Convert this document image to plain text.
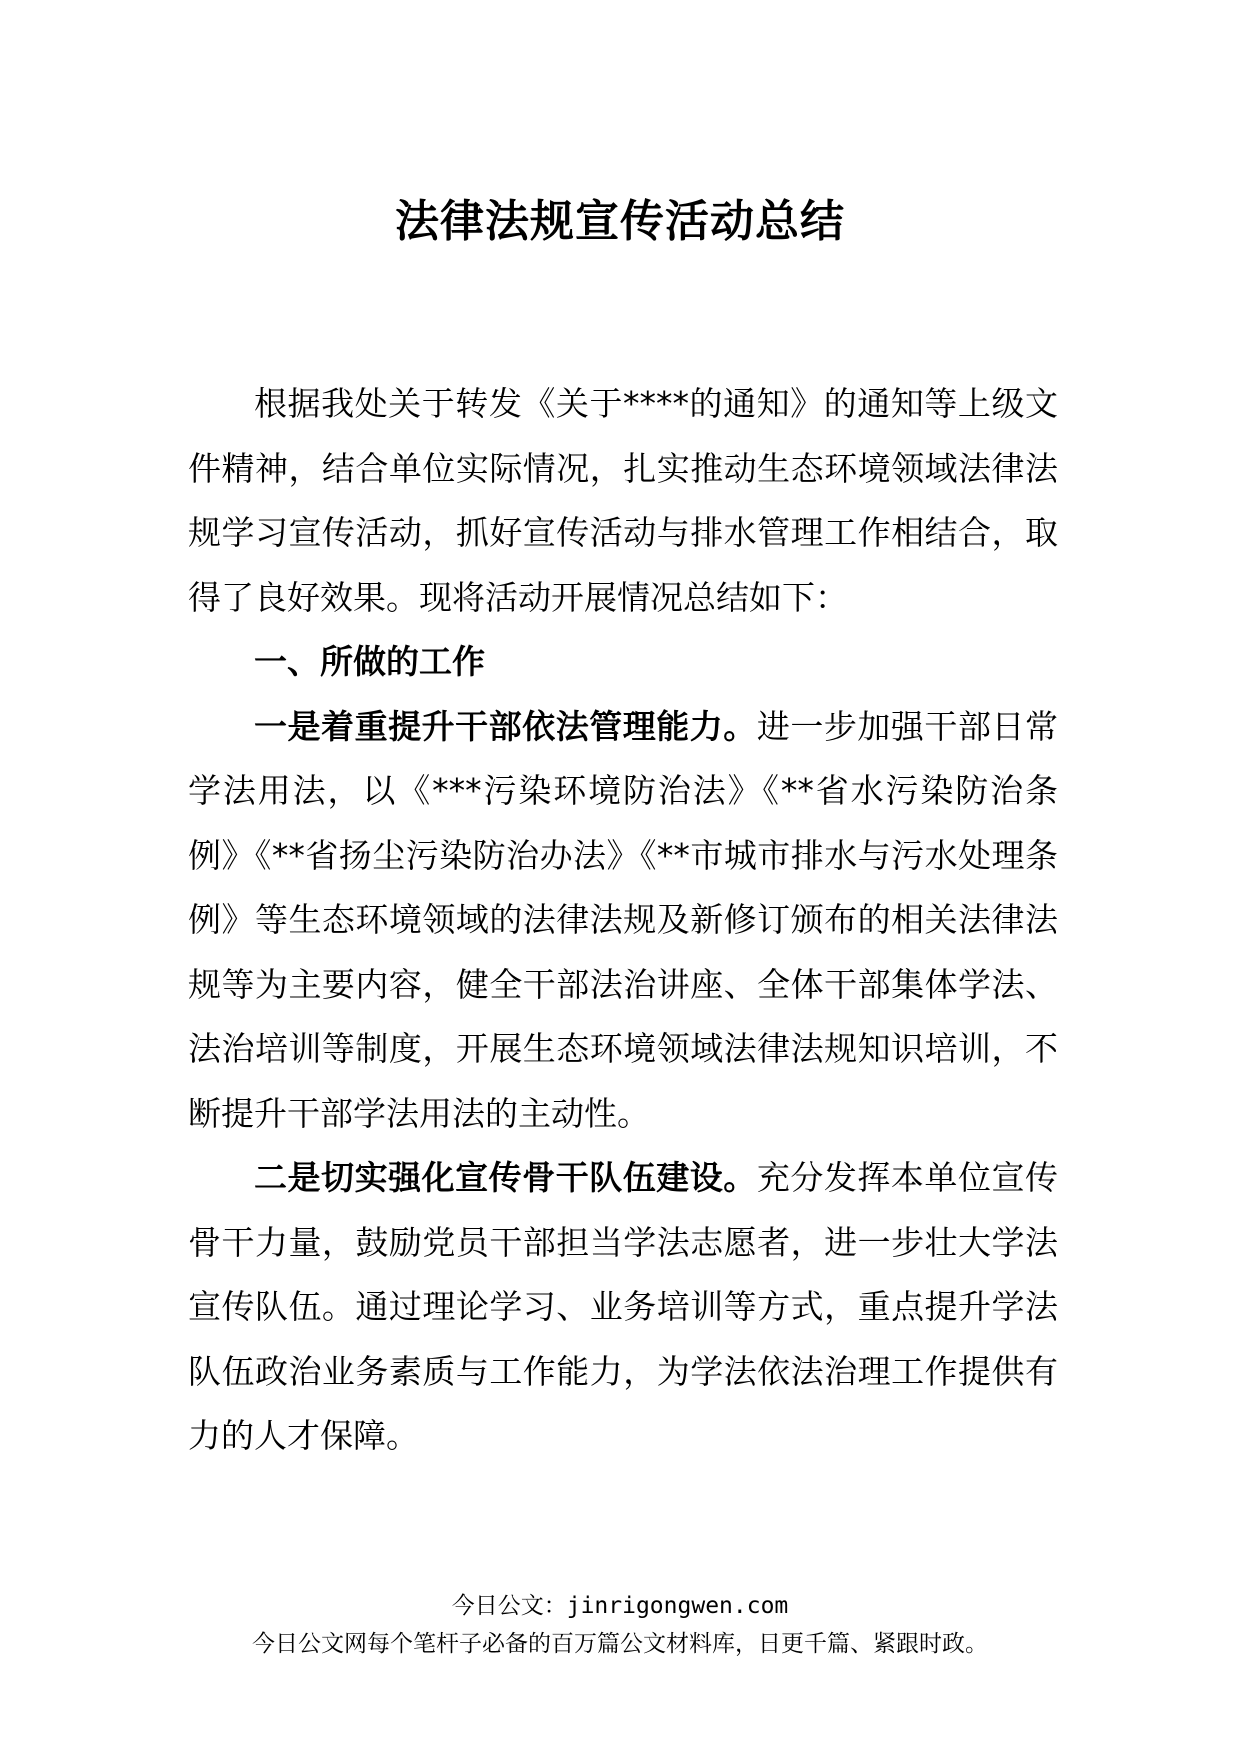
法律法规宣传活动总结

根据我处关于转发《关于****的通知》的通知等上级文件精神，结合单位实际情况，扎实推动生态环境领域法律法规学习宣传活动，抓好宣传活动与排水管理工作相结合，取得了良好效果。现将活动开展情况总结如下：

一、所做的工作

一是着重提升干部依法管理能力。进一步加强干部日常学法用法，以《***污染环境防治法》《**省水污染防治条例》《**省扬尘污染防治办法》《**市城市排水与污水处理条例》等生态环境领域的法律法规及新修订颁布的相关法律法规等为主要内容，健全干部法治讲座、全体干部集体学法、法治培训等制度，开展生态环境领域法律法规知识培训，不断提升干部学法用法的主动性。

二是切实强化宣传骨干队伍建设。充分发挥本单位宣传骨干力量，鼓励党员干部担当学法志愿者，进一步壮大学法宣传队伍。通过理论学习、业务培训等方式，重点提升学法队伍政治业务素质与工作能力，为学法依法治理工作提供有力的人才保障。

今日公文：jinrigongwen.com
今日公文网每个笔杆子必备的百万篇公文材料库，日更千篇、紧跟时政。
